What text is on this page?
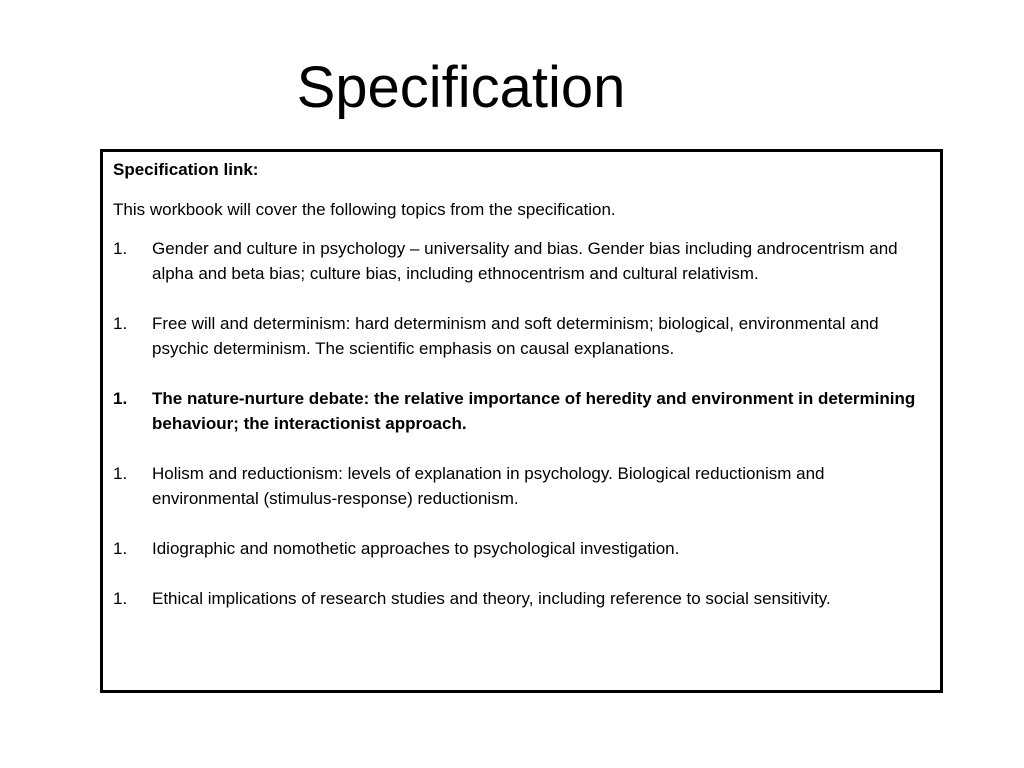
Specification

Specification link:

This workbook will cover the following topics from the specification.

1. Gender and culture in psychology – universality and bias. Gender bias including androcentrism and alpha and beta bias; culture bias, including ethnocentrism and cultural relativism.
1. Free will and determinism: hard determinism and soft determinism; biological, environmental and psychic determinism. The scientific emphasis on causal explanations.
1. The nature-nurture debate: the relative importance of heredity and environment in determining behaviour; the interactionist approach.
1. Holism and reductionism: levels of explanation in psychology. Biological reductionism and environmental (stimulus-response) reductionism.
1. Idiographic and nomothetic approaches to psychological investigation.
1. Ethical implications of research studies and theory, including reference to social sensitivity.
